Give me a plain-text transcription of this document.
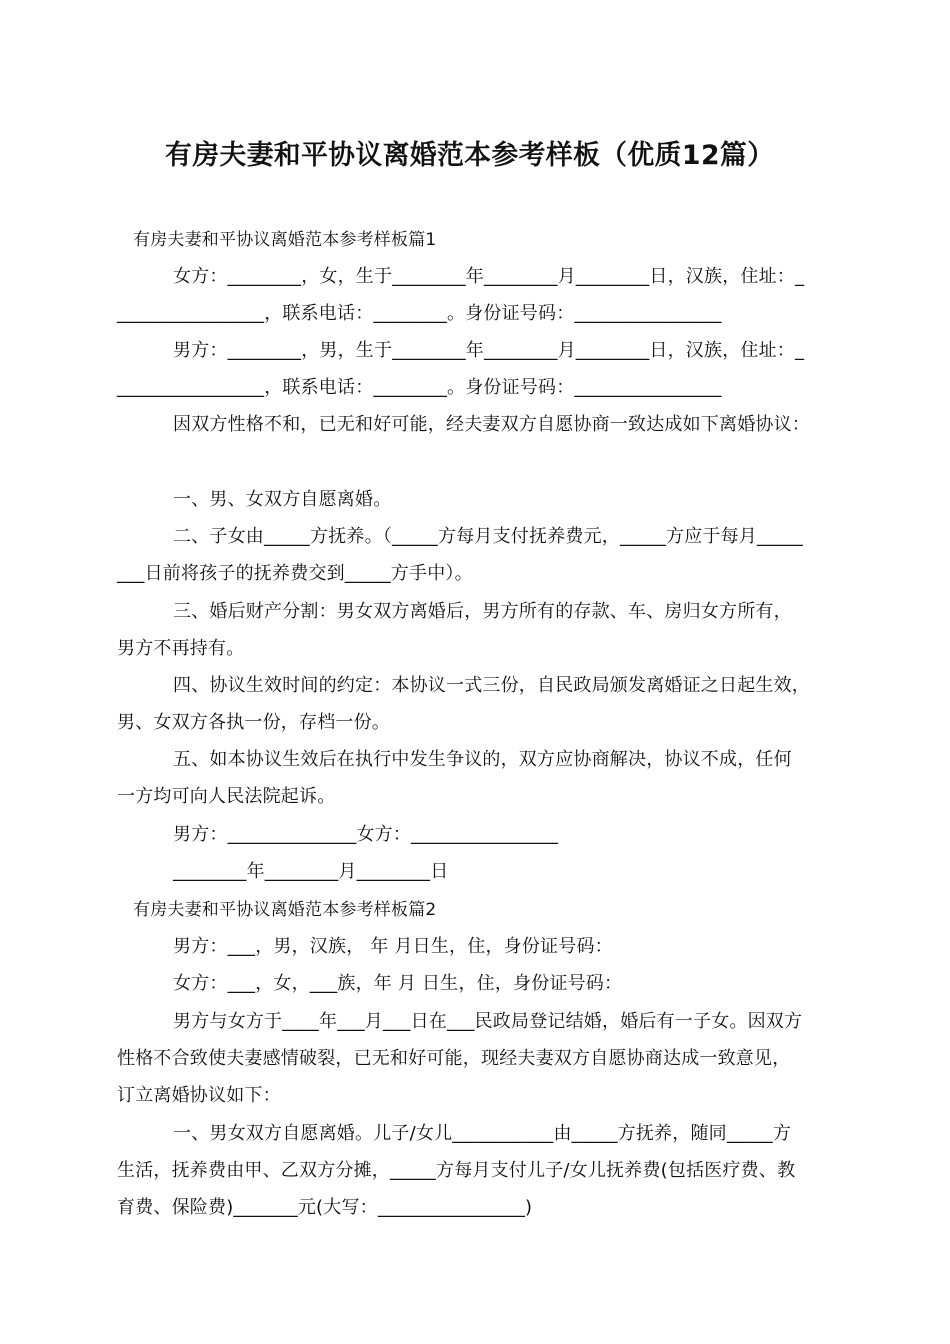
有房夫妻和平协议离婚范本参考样板（优质12篇）
有房夫妻和平协议离婚范本参考样板篇1
女方：________，女，生于________年________月________日，汉族，住址：_
________________，联系电话：________。身份证号码：________________
男方：________，男，生于________年________月________日，汉族，住址：_
________________，联系电话：________。身份证号码：________________
因双方性格不和，已无和好可能，经夫妻双方自愿协商一致达成如下离婚协议：
一、男、女双方自愿离婚。
二、子女由_____方抚养。（_____方每月支付抚养费元，_____方应于每月_____
___日前将孩子的抚养费交到_____方手中）。
三、婚后财产分割：男女双方离婚后，男方所有的存款、车、房归女方所有，
男方不再持有。
四、协议生效时间的约定：本协议一式三份，自民政局颁发离婚证之日起生效，
男、女双方各执一份，存档一份。
五、如本协议生效后在执行中发生争议的，双方应协商解决，协议不成，任何
一方均可向人民法院起诉。
男方：______________女方：________________
________年________月________日
有房夫妻和平协议离婚范本参考样板篇2
男方：___，男，汉族， 年 月日生，住，身份证号码：
女方：___，女，___族，年 月 日生，住，身份证号码：
男方与女方于____年___月___日在___民政局登记结婚，婚后有一子女。因双方
性格不合致使夫妻感情破裂，已无和好可能，现经夫妻双方自愿协商达成一致意见，
订立离婚协议如下：
一、男女双方自愿离婚。儿子/女儿___________由_____方抚养，随同_____方
生活，抚养费由甲、乙双方分摊，_____方每月支付儿子/女儿抚养费(包括医疗费、教
育费、保险费)_______元(大写：________________)
